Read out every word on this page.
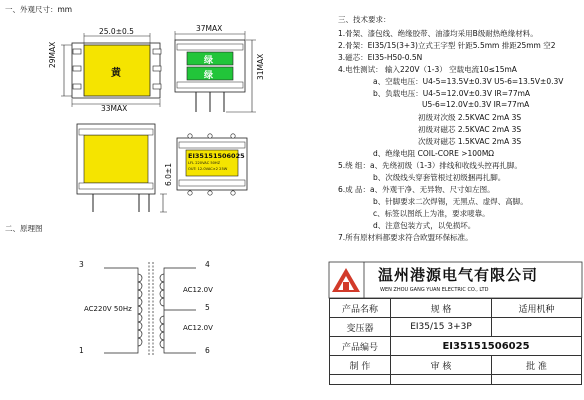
一、外观尺寸：mm
二、原理图
三、技术要求：
25.0±0.5
29MAX
33MAX
37MAX
31MAX
6.0±1
黄
绿
绿
EI35151506025
LFL 220VAC 50HZ
OUT: 12.0VAC×2 25W
3
1
4
5
6
AC220V 50Hz
AC12.0V
AC12.0V
1.骨架、漆包线、绝缘胶带、油漆均采用B级耐热绝缘材料。
2.骨架：EI35/15(3+3)立式王字型 针距5.5mm 排距25mm 空2
3.磁芯：EI35-H50-0.5N
4.电性测试： 输入220V（1-3） 空载电流10≤15mA
a、空载电压：U4-5=13.5V±0.3V U5-6=13.5V±0.3V
b、负载电压：U4-5=12.0V±0.3V IR=77mA
U5-6=12.0V±0.3V IR=77mA
初级对次级 2.5KVAC 2mA 3S
初级对磁芯 2.5KVAC 2mA 3S
次级对磁芯 1.5KVAC 2mA 3S
d、绝缘电阻 COIL-CORE >100MΩ
5.绕 组：a、先绕初级（1-3）排线和收线头控再扎脚。
b、次级线头穿套管根过初级捆再扎脚。
6.成 品：a、外观干净、无异物、尺寸如左图。
b、针脚要求二次焊锡，无黑点、虚焊、高脚。
c、标签以图纸上为准，要求唛靠。
d、注意包装方式，以免损坏。
7.所有原材料都要求符合欧盟环保标准。
温州港源电气有限公司
WEN ZHOU GANG YUAN ELECTRIC CO., LTD
产品名称	规 格	适用机种
变压器	EI35/15 3+3P	
产品编号	EI35151506025	
制 作	审 核	批 准
